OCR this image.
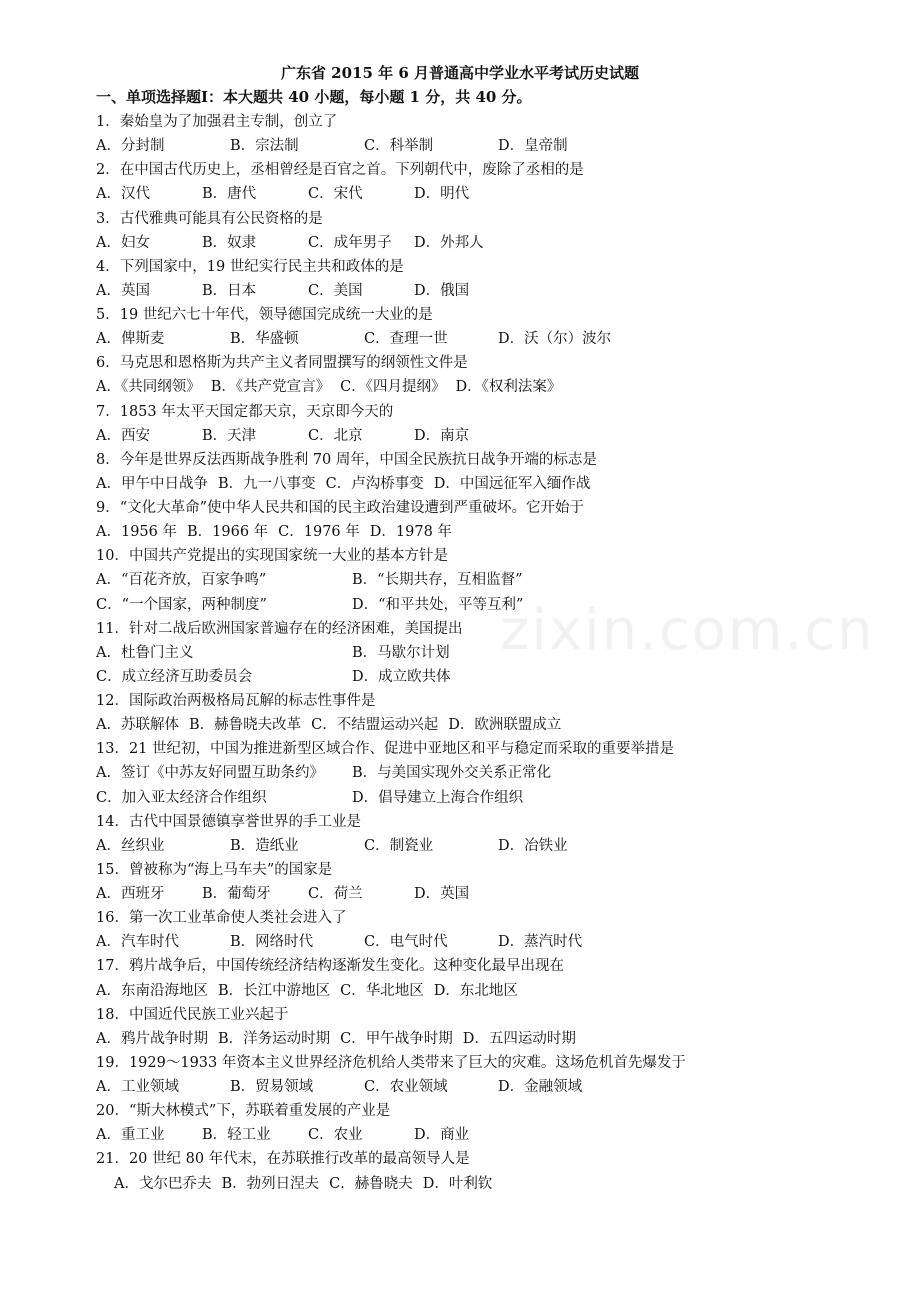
广东省 2015 年 6 月普通高中学业水平考试历史试题
一、单项选择题Ⅰ：本大题共 40 小题，每小题 1 分，共 40 分。
1．秦始皇为了加强君主专制，创立了
A．分封制	B．宗法制	C．科举制	D．皇帝制
2．在中国古代历史上，丞相曾经是百官之首。下列朝代中，废除了丞相的是
A．汉代	B．唐代	C．宋代	D．明代
3．古代雅典可能具有公民资格的是
A．妇女	B．奴隶	C．成年男子	D．外邦人
4．下列国家中，19 世纪实行民主共和政体的是
A．英国	B．日本	C．美国	D．俄国
5．19 世纪六七十年代，领导德国完成统一大业的是
A．俾斯麦	B．华盛顿	C．查理一世	D．沃（尔）波尔
6．马克思和恩格斯为共产主义者同盟撰写的纲领性文件是
A．《共同纲领》 B．《共产党宣言》 C．《四月提纲》 D．《权利法案》
7．1853 年太平天国定都天京，天京即今天的
A．西安	B．天津	C．北京	D．南京
8．今年是世界反法西斯战争胜利 70 周年，中国全民族抗日战争开端的标志是
A．甲午中日战争 B．九一八事变 C．卢沟桥事变 D．中国远征军入缅作战
9．“文化大革命”使中华人民共和国的民主政治建设遭到严重破坏。它开始于
A．1956 年 B．1966 年 C．1976 年 D．1978 年
10．中国共产党提出的实现国家统一大业的基本方针是
A．“百花齐放，百家争鸣”	B．“长期共存，互相监督”
C．“一个国家，两种制度”	D．“和平共处，平等互利”
11．针对二战后欧洲国家普遍存在的经济困难，美国提出
A．杜鲁门主义	B．马歇尔计划
C．成立经济互助委员会	D．成立欧共体
12．国际政治两极格局瓦解的标志性事件是
A．苏联解体 B．赫鲁晓夫改革 C．不结盟运动兴起 D．欧洲联盟成立
13．21 世纪初，中国为推进新型区域合作、促进中亚地区和平与稳定而采取的重要举措是
A．签订《中苏友好同盟互助条约》	B．与美国实现外交关系正常化
C．加入亚太经济合作组织	D．倡导建立上海合作组织
14．古代中国景德镇享誉世界的手工业是
A．丝织业	B．造纸业	C．制瓷业	D．冶铁业
15．曾被称为“海上马车夫”的国家是
A．西班牙	B．葡萄牙	C．荷兰	D．英国
16．第一次工业革命使人类社会进入了
A．汽车时代	B．网络时代	C．电气时代	D．蒸汽时代
17．鸦片战争后，中国传统经济结构逐渐发生变化。这种变化最早出现在
A．东南沿海地区 B．长江中游地区 C．华北地区 D．东北地区
18．中国近代民族工业兴起于
A．鸦片战争时期 B．洋务运动时期 C．甲午战争时期 D．五四运动时期
19．1929～1933 年资本主义世界经济危机给人类带来了巨大的灾难。这场危机首先爆发于
A．工业领域	B．贸易领域	C．农业领域	D．金融领域
20．“斯大林模式”下，苏联着重发展的产业是
A．重工业	B．轻工业	C．农业	D．商业
21．20 世纪 80 年代末，在苏联推行改革的最高领导人是
A．戈尔巴乔夫 B．勃列日涅夫 C．赫鲁晓夫 D．叶利钦
zixin.com.cn
